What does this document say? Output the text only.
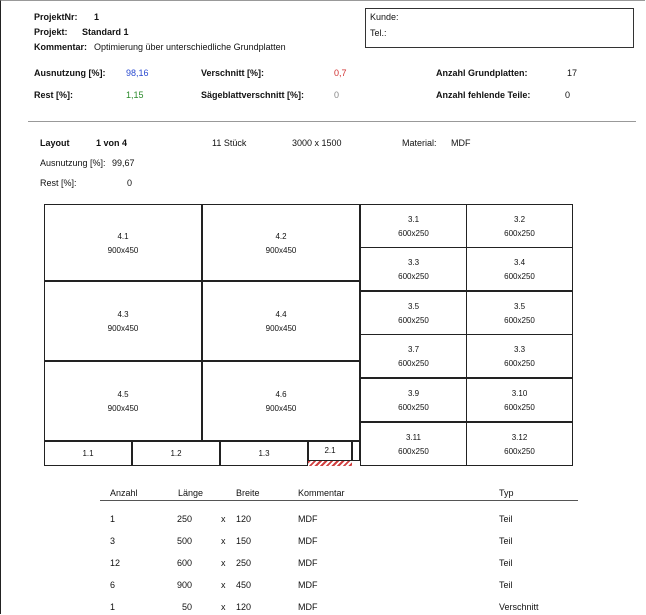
ProjektNr: 1
Projekt: Standard 1
Kommentar: Optimierung über unterschiedliche Grundplatten
Kunde:
Tel.:
Ausnutzung [%]: 98,16
Rest [%]:	1,15
Verschnitt [%]:	0,7
Sägeblattverschnitt [%]:	0
Anzahl Grundplatten:	17
Anzahl fehlende Teile:	0
Layout	1 von 4	11 Stück	3000 x 1500	Material: MDF
Ausnutzung [%]: 99,67
Rest [%]:	0
4.1
900x450
4.2
900x450
4.3
900x450
4.4
900x450
4.5
900x450
4.6
900x450
3.1
600x250
3.2
600x250
3.3
600x250
3.4
600x250
3.5
600x250
3.5
600x250
3.7
600x250
3.3
600x250
3.9
600x250
3.10
600x250
3.11
600x250
3.12
600x250
1.1	1.2	1.3	2.1
Anzahl	Länge	Breite	Kommentar	Typ
1	250	x 120	MDF	Teil
3	500	x 150	MDF	Teil
12	600	x 250	MDF	Teil
6	900	x 450	MDF	Teil
1	50	x 120	MDF	Verschnitt
